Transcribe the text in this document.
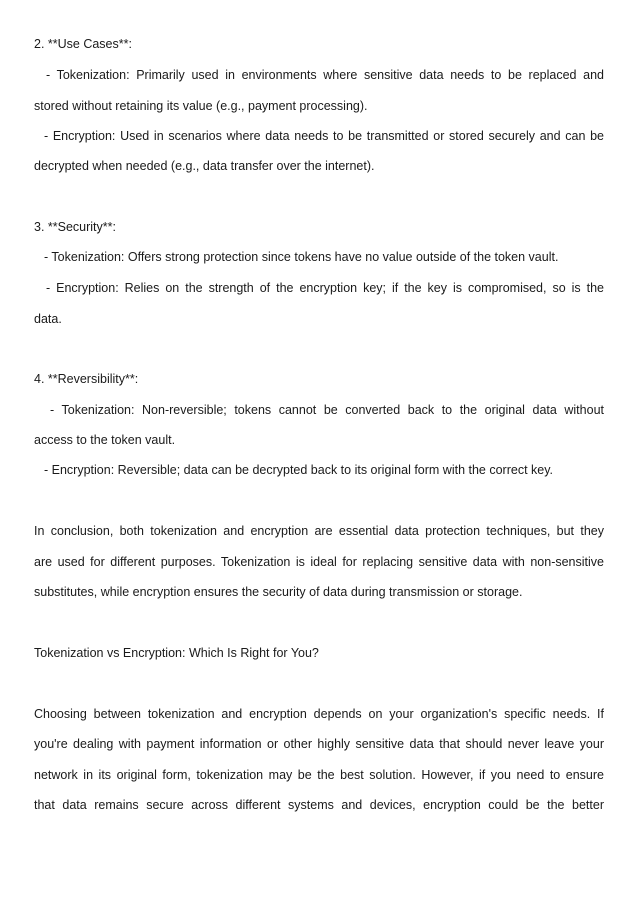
2. **Use Cases**:
- Tokenization: Primarily used in environments where sensitive data needs to be replaced and
stored without retaining its value (e.g., payment processing).
- Encryption: Used in scenarios where data needs to be transmitted or stored securely and can be
decrypted when needed (e.g., data transfer over the internet).
3. **Security**:
- Tokenization: Offers strong protection since tokens have no value outside of the token vault.
- Encryption: Relies on the strength of the encryption key; if the key is compromised, so is the
data.
4. **Reversibility**:
- Tokenization: Non-reversible; tokens cannot be converted back to the original data without
access to the token vault.
- Encryption: Reversible; data can be decrypted back to its original form with the correct key.
In conclusion, both tokenization and encryption are essential data protection techniques, but they
are used for different purposes. Tokenization is ideal for replacing sensitive data with non-sensitive
substitutes, while encryption ensures the security of data during transmission or storage.
Tokenization vs Encryption: Which Is Right for You?
Choosing between tokenization and encryption depends on your organization's specific needs. If
you're dealing with payment information or other highly sensitive data that should never leave your
network in its original form, tokenization may be the best solution. However, if you need to ensure
that data remains secure across different systems and devices, encryption could be the better
